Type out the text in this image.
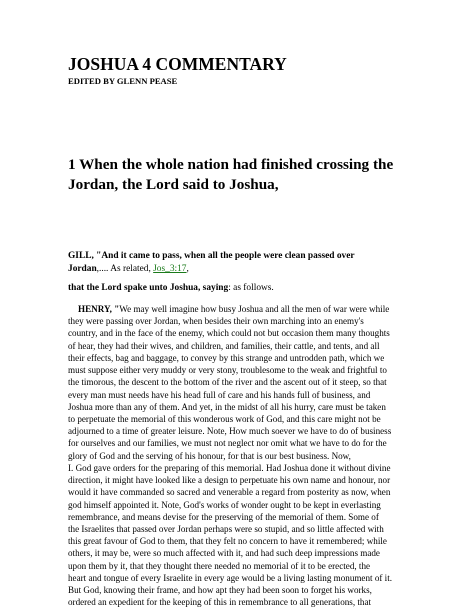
JOSHUA 4 COMMENTARY
EDITED BY GLENN PEASE
1 When the whole nation had finished crossing the
Jordan, the Lord said to Joshua,
GILL, "And it came to pass, when all the people were clean passed over
Jordan,.... As related, Jos_3:17,
that the Lord spake unto Joshua, saying: as follows.
HENRY, "We may well imagine how busy Joshua and all the men of war were while
they were passing over Jordan, when besides their own marching into an enemy's
country, and in the face of the enemy, which could not but occasion them many thoughts
of hear, they had their wives, and children, and families, their cattle, and tents, and all
their effects, bag and baggage, to convey by this strange and untrodden path, which we
must suppose either very muddy or very stony, troublesome to the weak and frightful to
the timorous, the descent to the bottom of the river and the ascent out of it steep, so that
every man must needs have his head full of care and his hands full of business, and
Joshua more than any of them. And yet, in the midst of all his hurry, care must be taken
to perpetuate the memorial of this wonderous work of God, and this care might not be
adjourned to a time of greater leisure. Note, How much soever we have to do of business
for ourselves and our families, we must not neglect nor omit what we have to do for the
glory of God and the serving of his honour, for that is our best business. Now,
I. God gave orders for the preparing of this memorial. Had Joshua done it without divine
direction, it might have looked like a design to perpetuate his own name and honour, nor
would it have commanded so sacred and venerable a regard from posterity as now, when
god himself appointed it. Note, God's works of wonder ought to be kept in everlasting
remembrance, and means devise for the preserving of the memorial of them. Some of
the Israelites that passed over Jordan perhaps were so stupid, and so little affected with
this great favour of God to them, that they felt no concern to have it remembered; while
others, it may be, were so much affected with it, and had such deep impressions made
upon them by it, that they thought there needed no memorial of it to be erected, the
heart and tongue of every Israelite in every age would be a living lasting monument of it.
But God, knowing their frame, and how apt they had been soon to forget his works,
ordered an expedient for the keeping of this in remembrance to all generations, that
